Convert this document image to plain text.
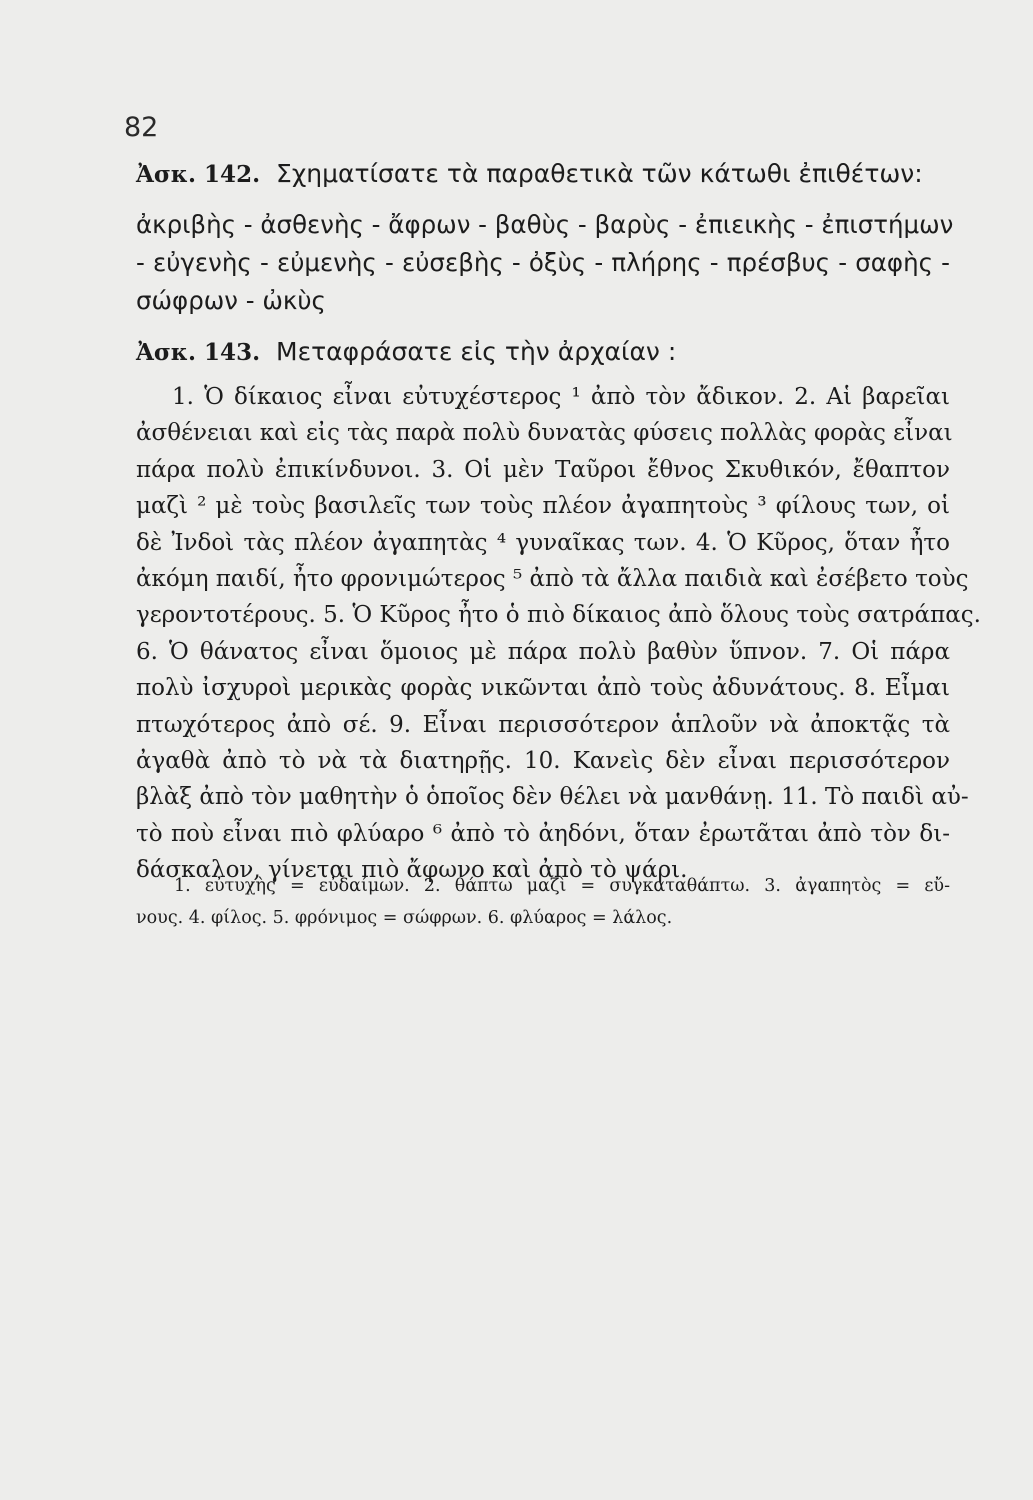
82
Ἀσκ. 142. Σχηματίσατε τὰ παραθετικὰ τῶν κάτωθι ἐπιθέτων:
ἀκριβὴς - ἀσθενὴς - ἄφρων - βαθὺς - βαρὺς - ἐπιεικὴς - ἐπιστήμων
- εὐγενὴς - εὐμενὴς - εὐσεβὴς - ὀξὺς - πλήρης - πρέσβυς - σαφὴς -
σώφρων - ὠκὺς
Ἀσκ. 143. Μεταφράσατε εἰς τὴν ἀρχαίαν :
1. Ὁ δίκαιος εἶναι εὐτυχέστερος ¹ ἀπὸ τὸν ἄδικον. 2. Αἱ βαρεῖαι
ἀσθένειαι καὶ εἰς τὰς παρὰ πολὺ δυνατὰς φύσεις πολλὰς φορὰς εἶναι
πάρα πολὺ ἐπικίνδυνοι. 3. Οἱ μὲν Ταῦροι ἔθνος Σκυθικόν, ἔθαπτον
μαζὶ ² μὲ τοὺς βασιλεῖς των τοὺς πλέον ἀγαπητοὺς ³ φίλους των, οἱ
δὲ Ἰνδοὶ τὰς πλέον ἀγαπητὰς ⁴ γυναῖκας των. 4. Ὁ Κῦρος, ὅταν ἦτο
ἀκόμη παιδί, ἦτο φρονιμώτερος ⁵ ἀπὸ τὰ ἄλλα παιδιὰ καὶ ἐσέβετο τοὺς
γεροντοτέρους. 5. Ὁ Κῦρος ἦτο ὁ πιὸ δίκαιος ἀπὸ ὅλους τοὺς σατράπας.
6. Ὁ θάνατος εἶναι ὅμοιος μὲ πάρα πολὺ βαθὺν ὕπνον. 7. Οἱ πάρα
πολὺ ἰσχυροὶ μερικὰς φορὰς νικῶνται ἀπὸ τοὺς ἀδυνάτους. 8. Εἶμαι
πτωχότερος ἀπὸ σέ. 9. Εἶναι περισσότερον ἁπλοῦν νὰ ἀποκτᾷς τὰ
ἀγαθὰ ἀπὸ τὸ νὰ τὰ διατηρῇς. 10. Κανεὶς δὲν εἶναι περισσότερον
βλὰξ ἀπὸ τὸν μαθητὴν ὁ ὁποῖος δὲν θέλει νὰ μανθάνῃ. 11. Τὸ παιδὶ αὐ-
τὸ ποὺ εἶναι πιὸ φλύαρο ⁶ ἀπὸ τὸ ἀηδόνι, ὅταν ἐρωτᾶται ἀπὸ τὸν δι-
δάσκαλον, γίνεται πιὸ ἄφωνο καὶ ἀπὸ τὸ ψάρι.
1. εὐτυχὴς = εὐδαίμων. 2. θάπτω μαζὶ = συγκαταθάπτω. 3. ἀγαπητὸς = εὔ-
νους. 4. φίλος. 5. φρόνιμος = σώφρων. 6. φλύαρος = λάλος.
